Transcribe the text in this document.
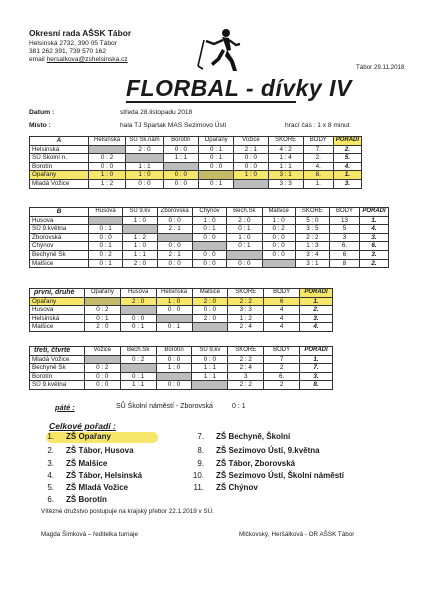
Okresní rada AŠSK Tábor
Helsinská 2732, 390 05 Tábor
381 262 391, 739 570 162
email hersalkova@zshelsinska.cz
Tábor 29.11.2018
FLORBAL - dívky IV
Datum :	středa 28.listopadu 2018
Místo :	hala TJ Spartak MAS Sezimovo Ústí	hrací čas : 1 x 8 minut
A	Helsinská	SŮ Šk.nám	Borotín	Opařany	Vožice	SKORE	BODY	POŘADÍ
Helsinská		2 : 0	0 : 0	0 : 1	2 : 1	4 : 2	7.	2.
SŮ Školní n.	0 : 2		1 : 1	0 : 1	0 : 0	1 : 4	2.	5.
Borotín	0 : 0	1 : 1		0 : 0	0 : 0	1 : 1	4.	4.
Opařany	1 : 0	1 : 0	0 : 0		1 : 0	3 : 1	8.	1.
Mladá Vožice	1 : 2	0 : 0	0 : 0	0 : 1		3 : 3	1.	3.
B	Husova	SŮ 9.kv	Zborovská	Chýnov	Bech.Šk	Malšice	SKORE	BODY	POŘADÍ
Husova		1 : 0	0 : 0	1 : 0	2 : 0	1 : 0	5 : 0	13	1.
SŮ 9.května	0 : 1		2 : 1	0 : 1	0 : 1	0 : 2	3 : 5	5	4.
Zborovská	0 : 0	1 : 2		0 : 0	1 : 0	0 : 0	2 : 2	3	3.
Chýnov	0 : 1	1 : 0	0 : 0		0 : 1	0 : 0	1 : 3	6.	6.
Bechyně Šk	0 : 2	1 : 1	2 : 1	0 : 0		0 : 0	3 : 4	6	3.
Malšice	0 : 1	2 : 0	0 : 0	0 : 0	0 : 0		3 : 1	8	2.
první, druhé	Opařany	Husova	Helsinská	Malšice	SKORE	BODY	POŘADÍ
Opařany		2 : 0	1 : 0	2 : 0	2 : 2	6	1.
Husova	0 : 2		0 : 0	0 : 0	3 : 3	4	2.
Helsinská	0 : 1	0 : 0		2 : 0	1 : 2	4	3.
Malšice	2 : 0	0 : 1	0 : 1		2 : 4	4	4.
třetí, čtvrté	Vožice	Bech.Šk	Borotín	SŮ 9.kv	SKORE	BODY	POŘADÍ
Mladá Vožice		0 : 2	0 : 0	0 : 0	2 : 2	7	1.
Bechyně Šk	0 : 2		1 : 0	1 : 1	2 : 4	2	7.
Borotín	0 : 0	0 : 1		1 : 1	3	6.	3.
SŮ 9.května	0 : 0	1 : 1	0 : 0		2 : 2	2	8.
páté :	SŮ Školní náměstí - Zborovská	0 : 1
Celkové pořadí :
1. ZŠ Opařany
2. ZŠ Tábor, Husova
3. ZŠ Malšice
4. ZŠ Tábor, Helsinská
5. ZŠ Mladá Vožice
6. ZŠ Borotín
7. ZŠ Bechyně, Školní
8. ZŠ Sezimovo Ústí, 9.května
9. ZŠ Tábor, Zborovská
10. ZŠ Sezimovo Ústí, Školní náměstí
11. ZŠ Chýnov
Vítězné družstvo postupuje na krajský přebor 22.1.2019 v SÚ.
Magda Šimková – ředitelka turnaje	Mlčkovský, Heršálková - OR AŠSK Tábor
